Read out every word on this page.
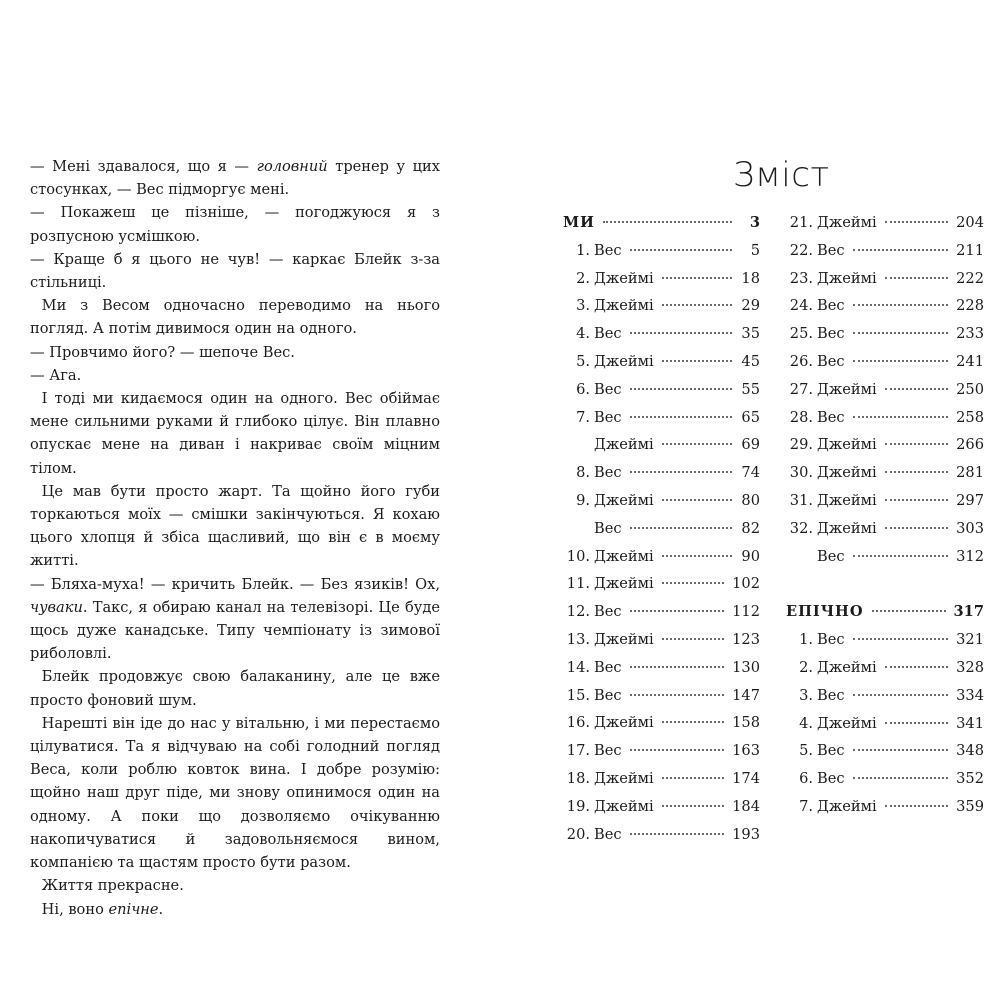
— Мені здавалося, що я — головний тренер у цих стосунках, — Вес підморгує мені.

— Покажеш це пізніше, — погоджуюся я з розпусною усмішкою.

— Краще б я цього не чув! — каркає Блейк з-за стільниці.

Ми з Весом одночасно переводимо на нього погляд. А потім дивимося один на одного.

— Провчимо його? — шепоче Вес.

— Ага.

І тоді ми кидаємося один на одного. Вес обіймає мене сильними руками й глибоко цілує. Він плавно опускає мене на диван і накриває своїм міцним тілом.

Це мав бути просто жарт. Та щойно його губи торкаються моїх — смішки закінчуються. Я кохаю цього хлопця й збіса щасливий, що він є в моєму житті.

— Бляха-муха! — кричить Блейк. — Без язиків! Ох, чуваки. Такс, я обираю канал на телевізорі. Це буде щось дуже канадське. Типу чемпіонату із зимової риболовлі.

Блейк продовжує свою балаканину, але це вже просто фоновий шум.

Нарешті він іде до нас у вітальню, і ми перестаємо цілуватися. Та я відчуваю на собі голодний погляд Веса, коли роблю ковток вина. І добре розумію: щойно наш друг піде, ми знову опинимося один на одному. А поки що дозволяємо очікуванню накопичуватися й задовольняємося вином, компанією та щастям просто бути разом.

Життя прекрасне.

Ні, воно епічне.

Зміст
МИ	3
1. Вес	5
2. Джеймі	18
3. Джеймі	29
4. Вес	35
5. Джеймі	45
6. Вес	55
7. Вес	65
Джеймі	69
8. Вес	74
9. Джеймі	80
Вес	82
10. Джеймі	90
11. Джеймі	102
12. Вес	112
13. Джеймі	123
14. Вес	130
15. Вес	147
16. Джеймі	158
17. Вес	163
18. Джеймі	174
19. Джеймі	184
20. Вес	193
21. Джеймі	204
22. Вес	211
23. Джеймі	222
24. Вес	228
25. Вес	233
26. Вес	241
27. Джеймі	250
28. Вес	258
29. Джеймі	266
30. Джеймі	281
31. Джеймі	297
32. Джеймі	303
Вес	312
ЕПІЧНО	317
1. Вес	321
2. Джеймі	328
3. Вес	334
4. Джеймі	341
5. Вес	348
6. Вес	352
7. Джеймі	359
